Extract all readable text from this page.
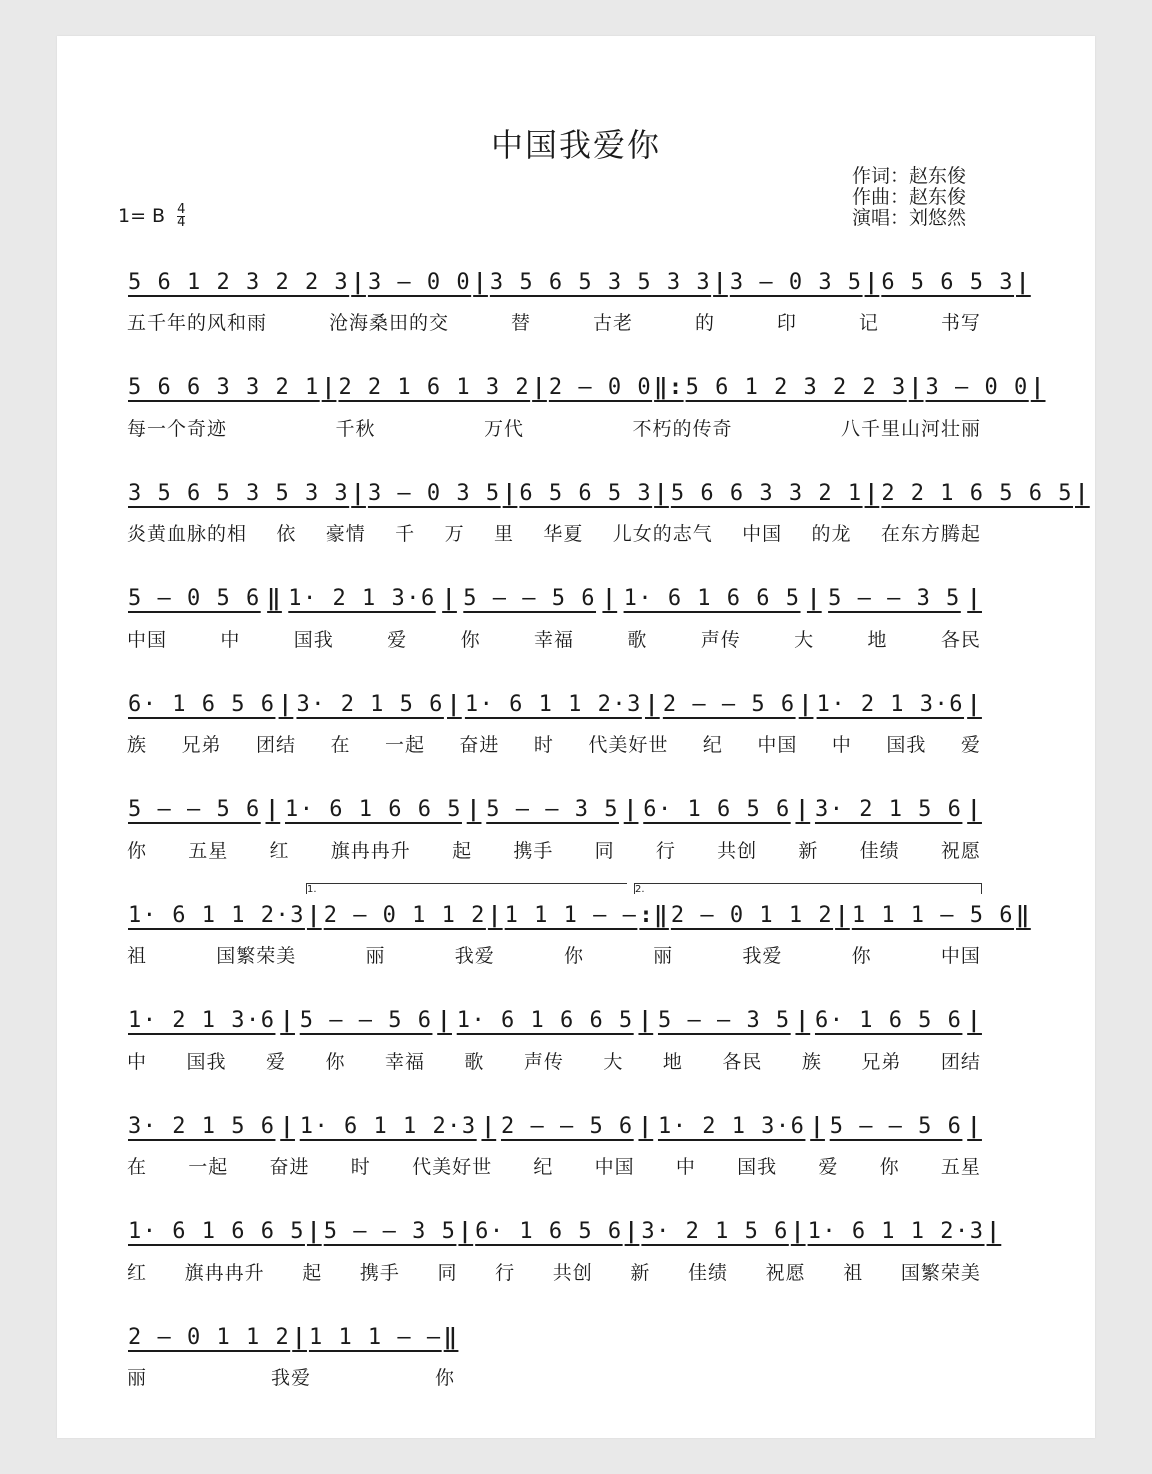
中国我爱你
作词：赵东俊
作曲：赵东俊
演唱：刘悠然
1= B $\frac{4}{4}$
5 6 1 2 3 2 2 3 | 3 – 0 0 | 3 5 6 5 3 5 3 3 | 3 – 0 3 5 | 6 5 6 5 3 |
五千年的风和雨	沧海桑田的交	替	古老	的	印	记	书写
5 6 6 3 3 2 1 | 2 2 1 6 1 3 2 | 2 – 0 0 ‖: 5 6 1 2 3 2 2 3 | 3 – 0 0 |
每一个奇迹	千秋	万代	不朽的传奇	八千里山河壮丽
3 5 6 5 3 5 3 3 | 3 – 0 3 5 | 6 5 6 5 3 | 5 6 6 3 3 2 1 | 2 2 1 6 5 6 5 |
炎黄血脉的相 依 豪情 千 万 里 华夏 儿女的志气 中国 的龙 在东方腾起
5 – 0 5 6 ‖ 1· 2 1 3·6 | 5 – – 5 6 | 1· 6 1 6 6 5 | 5 – – 3 5 |
中国	中	国我	爱	你	幸福	歌	声传	大	地	各民
6· 1 6 5 6 | 3· 2 1 5 6 | 1· 6 1 1 2·3 | 2 – – 5 6 | 1· 2 1 3·6 |
族 兄弟 团结 在 一起 奋进 时 代美好世 纪 中国 中 国我 爱
5 – – 5 6 | 1· 6 1 6 6 5 | 5 – – 3 5 | 6· 1 6 5 6 | 3· 2 1 5 6 |
你 五星 红 旗冉冉升 起 携手 同 行 共创 新 佳绩 祝愿
1· 6 1 1 2·3 | 2 – 0 1 1 2 | 1 1 1 – – :‖ 2 – 0 1 1 2 | 1 1 1 – 5 6 ‖
祖	国繁荣美	丽	我爱	你	丽	我爱	你	中国
1.	2.
1· 2 1 3·6 | 5 – – 5 6 | 1· 6 1 6 6 5 | 5 – – 3 5 | 6· 1 6 5 6 |
中 国我 爱 你 幸福 歌 声传 大 地 各民 族 兄弟 团结
3· 2 1 5 6 | 1· 6 1 1 2·3 | 2 – – 5 6 | 1· 2 1 3·6 | 5 – – 5 6 |
在 一起 奋进 时 代美好世 纪 中国 中 国我 爱 你 五星
1· 6 1 6 6 5 | 5 – – 3 5 | 6· 1 6 5 6 | 3· 2 1 5 6 | 1· 6 1 1 2·3 |
红 旗冉冉升 起 携手 同 行 共创 新 佳绩 祝愿 祖 国繁荣美
2 – 0 1 1 2 | 1 1 1 – – ‖
丽	我爱	你
